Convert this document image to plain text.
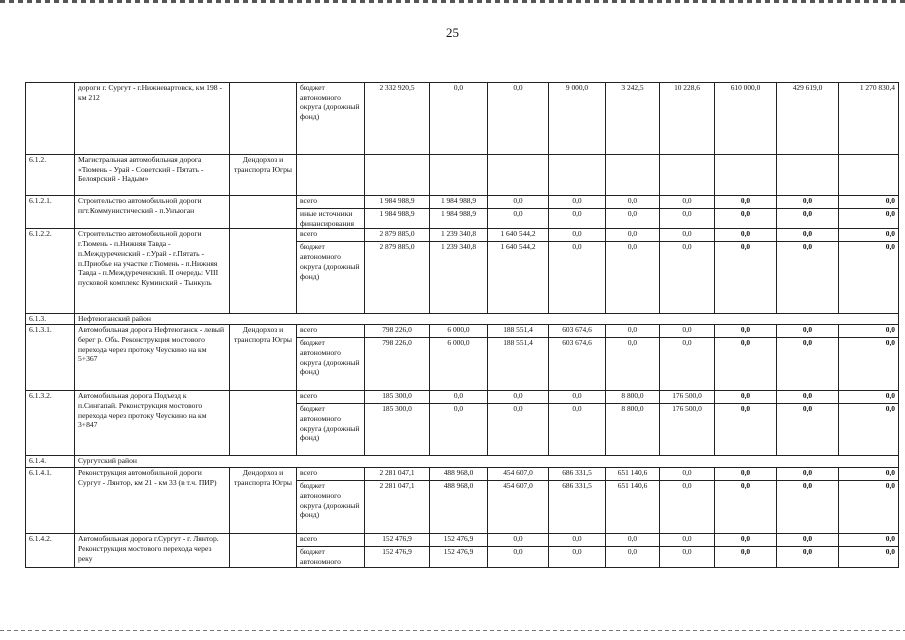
25
	дороги г. Сургут - г.Нижневартовск, км 198 - км 212		бюджет автономного округа (дорожный фонд)	2 332 920,5	0,0	0,0	9 000,0	3 242,5	10 228,6	610 000,0	429 619,0	1 270 830,4
6.1.2.	Магистральная автомобильная дорога «Тюмень - Урай - Советский - Пятать - Белоярский - Надым»	Дендорхоз и транспорта Югры										
6.1.2.1.	Строительство автомобильной дороги пгт.Коммунистический - п.Унъюган		всего	1 984 988,9	1 984 988,9	0,0	0,0	0,0	0,0	0,0	0,0	0,0
			иные источники финансирования	1 984 988,9	1 984 988,9	0,0	0,0	0,0	0,0	0,0	0,0	0,0
6.1.2.2.	Строительство автомобильной дороги г.Тюмень - п.Нижняя Тавда - п.Междуреченский - г.Урай - г.Пятать - п.Приобье на участке г.Тюмень - п.Нижняя Тавда - п.Междуреченский. II очередь: VIII пусковой комплекс Куминский - Тынкуль		всего	2 879 885,0	1 239 340,8	1 640 544,2	0,0	0,0	0,0	0,0	0,0	0,0
			бюджет автономного округа (дорожный фонд)	2 879 885,0	1 239 340,8	1 640 544,2	0,0	0,0	0,0	0,0	0,0	0,0
6.1.3.	Нефтеюганский район											
6.1.3.1.	Автомобильная дорога Нефтеюганск - левый берег р. Обь. Реконструкция мостового перехода через протоку Чеускино на км 5+367	Дендорхоз и транспорта Югры	всего	798 226,0	6 000,0	188 551,4	603 674,6	0,0	0,0	0,0	0,0	0,0
			бюджет автономного округа (дорожный фонд)	798 226,0	6 000,0	188 551,4	603 674,6	0,0	0,0	0,0	0,0	0,0
6.1.3.2.	Автомобильная дорога Подъезд к п.Сингапай. Реконструкция мостового перехода через протоку Чеускино на км 3+847		всего	185 300,0	0,0	0,0	0,0	8 800,0	176 500,0	0,0	0,0	0,0
			бюджет автономного округа (дорожный фонд)	185 300,0	0,0	0,0	0,0	8 800,0	176 500,0	0,0	0,0	0,0
6.1.4.	Сургутский район											
6.1.4.1.	Реконструкция автомобильной дороги Сургут - Лянтор, км 21 - км 33 (в т.ч. ПИР)	Дендорхоз и транспорта Югры	всего	2 281 047,1	488 968,0	454 607,0	686 331,5	651 140,6	0,0	0,0	0,0	0,0
			бюджет автономного округа (дорожный фонд)	2 281 047,1	488 968,0	454 607,0	686 331,5	651 140,6	0,0	0,0	0,0	0,0
6.1.4.2.	Автомобильная дорога г.Сургут - г. Лянтор. Реконструкция мостового перехода через реку		всего	152 476,9	152 476,9	0,0	0,0	0,0	0,0	0,0	0,0	0,0
			бюджет автономного	152 476,9	152 476,9	0,0	0,0	0,0	0,0	0,0	0,0	0,0
